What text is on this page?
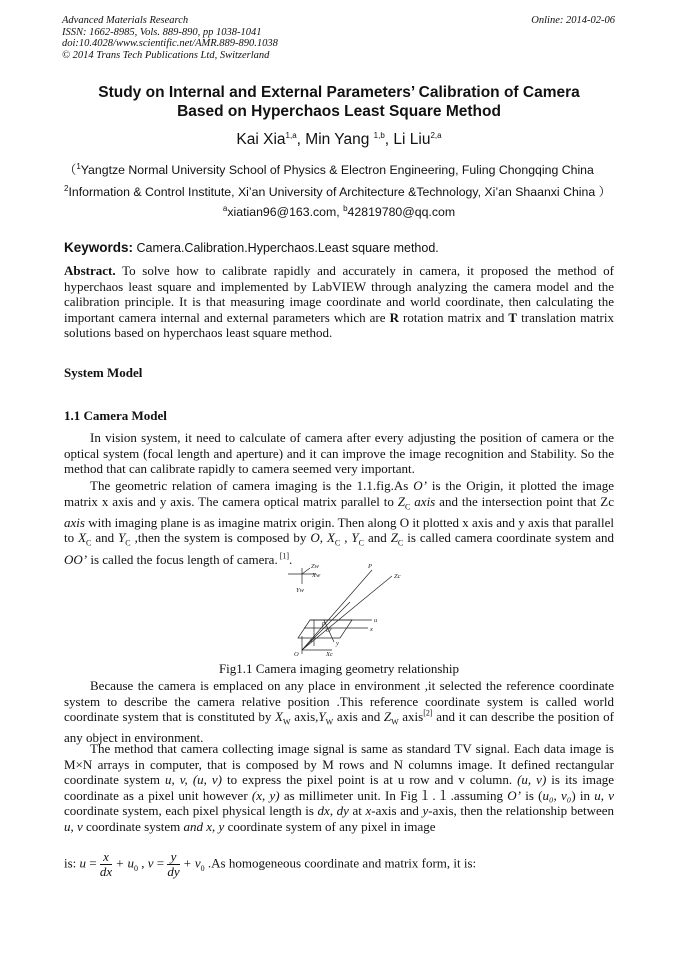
Advanced Materials Research
ISSN: 1662-8985, Vols. 889-890, pp 1038-1041
doi:10.4028/www.scientific.net/AMR.889-890.1038
© 2014 Trans Tech Publications Ltd, Switzerland
Online: 2014-02-06
Study on Internal and External Parameters’ Calibration of Camera
Based on Hyperchaos Least Square Method
Kai Xia$^{1,a}$, Min Yang $^{1,b}$, Li Liu$^{2,a}$
（$^1$Yangtze Normal University School of Physics & Electron Engineering, Fuling Chongqing China
$^2$Information & Control Institute, Xi’an University of Architecture &Technology, Xi’an Shaanxi China ）
$^a$xiatian96@163.com, $^b$42819780@qq.com
Keywords: Camera.Calibration.Hyperchaos.Least square method.
Abstract. To solve how to calibrate rapidly and accurately in camera, it proposed the method of hyperchaos least square and implemented by LabVIEW through analyzing the camera model and the calibration principle. It is that measuring image coordinate and world coordinate, then calculating the important camera internal and external parameters which are R rotation matrix and T translation matrix solutions based on hyperchaos least square method.
System Model
1.1 Camera Model
In vision system, it need to calculate of camera after every adjusting the position of camera or the optical system (focal length and aperture) and it can improve the image recognition and Stability. So the method that can calibrate rapidly to camera seemed very important.
The geometric relation of camera imaging is the 1.1.fig.As O’ is the Origin, it plotted the image matrix x axis and y axis. The camera optical matrix parallel to $Z_C$ axis and the intersection point that Zc axis with imaging plane is as imagine matrix origin. Then along O it plotted x axis and y axis that parallel to $X_C$ and $Y_C$ ,then the system is composed by O, $X_C$ , $Y_C$ and $Z_C$ is called camera coordinate system and OO’ is called the focus length of camera. [1].	Zw
Xw
Yw
P
Zc
u
x
p
O'
y
v
O	Xc
Fig1.1 Camera imaging geometry relationship
Because the camera is emplaced on any place in environment ,it selected the reference coordinate system to describe the camera relative position .This reference coordinate system is called world coordinate system that is constituted by $X_W$ $axis,Y_W$ axis and $Z_W$ axis[2] and it can describe the position of any object in environment.
The method that camera collecting image signal is same as standard TV signal. Each data image is M×N arrays in computer, that is composed by M rows and N columns image. It defined rectangular coordinate system u, v, (u, v) to express the pixel point is at u row and v column. (u, v) is its image coordinate as a pixel unit however (x, y) as millimeter unit. In Fig１.１.assuming O’ is (u₀, v₀) in u, v coordinate system, each pixel physical length is dx, dy at x-axis and y-axis, then the relationship between u, v coordinate system and x, y coordinate system of any pixel in image
is: $u = \frac{x}{dx} + u_0$ , $v = \frac{y}{dy} + v_0$ .As homogeneous coordinate and matrix form, it is:
